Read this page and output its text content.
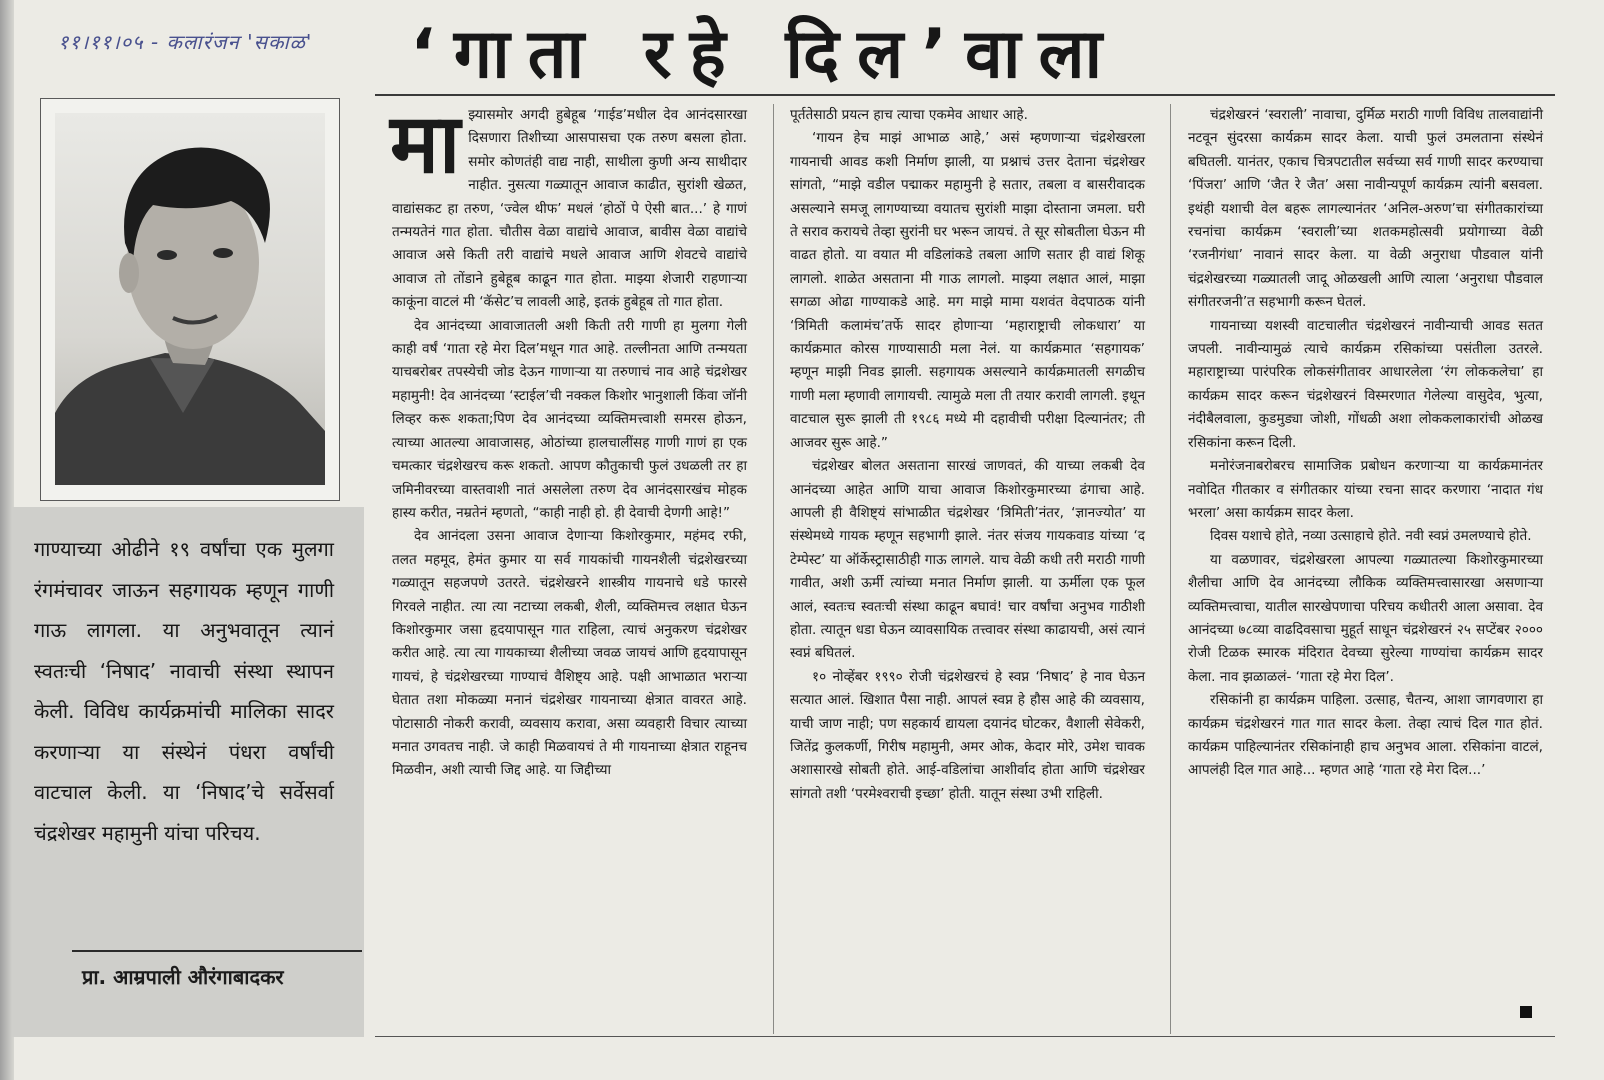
११।११।०५ - कलारंजन 'सकाळ'	‘गाता रहे दिल’वाला
गाण्याच्या ओढीने १९ वर्षांचा एक मुलगा रंगमंचावर जाऊन सहगायक म्हणून गाणी गाऊ लागला. या अनुभवातून त्यानं स्वतःची ‘निषाद’ नावाची संस्था स्थापन केली. विविध कार्यक्रमांची मालिका सादर करणाऱ्या या संस्थेनं पंधरा वर्षांची वाटचाल केली. या ‘निषाद’चे सर्वेसर्वा चंद्रशेखर महामुनी यांचा परिचय.
प्रा. आम्रपाली औरंगाबादकर

माझ्यासमोर अगदी हुबेहूब ‘गाईड’मधील देव आनंदसारखा दिसणारा तिशीच्या आसपासचा एक तरुण बसला होता. समोर कोणतंही वाद्य नाही, साथीला कुणी अन्य साथीदार नाहीत. नुसत्या गळ्यातून आवाज काढीत, सुरांशी खेळत, वाद्यांसकट हा तरुण, ‘ज्वेल थीफ’ मधलं ‘होठों पे ऐसी बात...’ हे गाणं तन्मयतेनं गात होता. चौतीस वेळा वाद्यांचे आवाज, बावीस वेळा वाद्यांचे आवाज असे किती तरी वाद्यांचे मधले आवाज आणि शेवटचे वाद्यांचे आवाज तो तोंडाने हुबेहूब काढून गात होता. माझ्या शेजारी राहणाऱ्या काकूंना वाटलं मी ‘कॅसेट’च लावली आहे, इतकं हुबेहूब तो गात होता.

देव आनंदच्या आवाजातली अशी किती तरी गाणी हा मुलगा गेली काही वर्षं ‘गाता रहे मेरा दिल’मधून गात आहे. तल्लीनता आणि तन्मयता याचबरोबर तपस्येची जोड देऊन गाणाऱ्या या तरुणाचं नाव आहे चंद्रशेखर महामुनी! देव आनंदच्या ‘स्टाईल’ची नक्कल किशोर भानुशाली किंवा जॉनी लिव्हर करू शकता;पिण देव आनंदच्या व्यक्तिमत्त्वाशी समरस होऊन, त्याच्या आतल्या आवाजासह, ओठांच्या हालचालींसह गाणी गाणं हा एक चमत्कार चंद्रशेखरच करू शकतो. आपण कौतुकाची फुलं उधळली तर हा जमिनीवरच्या वास्तवाशी नातं असलेला तरुण देव आनंदसारखंच मोहक हास्य करीत, नम्रतेनं म्हणतो, “काही नाही हो. ही देवाची देणगी आहे!”

देव आनंदला उसना आवाज देणाऱ्या किशोरकुमार, महंमद रफी, तलत महमूद, हेमंत कुमार या सर्व गायकांची गायनशैली चंद्रशेखरच्या गळ्यातून सहजपणे उतरते. चंद्रशेखरने शास्त्रीय गायनाचे धडे फारसे गिरवले नाहीत. त्या त्या नटाच्या लकबी, शैली, व्यक्तिमत्त्व लक्षात घेऊन किशोरकुमार जसा हृदयापासून गात राहिला, त्याचं अनुकरण चंद्रशेखर करीत आहे. त्या त्या गायकाच्या शैलीच्या जवळ जायचं आणि हृदयापासून गायचं, हे चंद्रशेखरच्या गाण्याचं वैशिष्ट्य आहे. पक्षी आभाळात भराऱ्या घेतात तशा मोकळ्या मनानं चंद्रशेखर गायनाच्या क्षेत्रात वावरत आहे. पोटासाठी नोकरी करावी, व्यवसाय करावा, असा व्यवहारी विचार त्याच्या मनात उगवतच नाही. जे काही मिळवायचं ते मी गायनाच्या क्षेत्रात राहूनच मिळवीन, अशी त्याची जिद्द आहे. या जिद्दीच्या

पूर्ततेसाठी प्रयत्न हाच त्याचा एकमेव आधार आहे.

‘गायन हेच माझं आभाळ आहे,’ असं म्हणणाऱ्या चंद्रशेखरला गायनाची आवड कशी निर्माण झाली, या प्रश्नाचं उत्तर देताना चंद्रशेखर सांगतो, “माझे वडील पद्माकर महामुनी हे सतार, तबला व बासरीवादक असल्याने समजू लागण्याच्या वयातच सुरांशी माझा दोस्ताना जमला. घरी ते सराव करायचे तेव्हा सुरांनी घर भरून जायचं. ते सूर सोबतीला घेऊन मी वाढत होतो. या वयात मी वडिलांकडे तबला आणि सतार ही वाद्यं शिकू लागलो. शाळेत असताना मी गाऊ लागलो. माझ्या लक्षात आलं, माझा सगळा ओढा गाण्याकडे आहे. मग माझे मामा यशवंत वेदपाठक यांनी ‘त्रिमिती कलामंच’तर्फे सादर होणाऱ्या ‘महाराष्ट्राची लोकधारा’ या कार्यक्रमात कोरस गाण्यासाठी मला नेलं. या कार्यक्रमात ‘सहगायक’ म्हणून माझी निवड झाली. सहगायक असल्याने कार्यक्रमातली सगळीच गाणी मला म्हणावी लागायची. त्यामुळे मला ती तयार करावी लागली. इथून वाटचाल सुरू झाली ती १९८६ मध्ये मी दहावीची परीक्षा दिल्यानंतर; ती आजवर सुरू आहे.”

चंद्रशेखर बोलत असताना सारखं जाणवतं, की याच्या लकबी देव आनंदच्या आहेत आणि याचा आवाज किशोरकुमारच्या ढंगाचा आहे. आपली ही वैशिष्ट्यं सांभाळीत चंद्रशेखर ‘त्रिमिती’नंतर, ‘ज्ञानज्योत’ या संस्थेमध्ये गायक म्हणून सहभागी झाले. नंतर संजय गायकवाड यांच्या ‘द टेम्पेस्ट’ या ऑर्केस्ट्रासाठीही गाऊ लागले. याच वेळी कधी तरी मराठी गाणी गावीत, अशी ऊर्मी त्यांच्या मनात निर्माण झाली. या ऊर्मीला एक फूल आलं, स्वतःच स्वतःची संस्था काढून बघावं! चार वर्षांचा अनुभव गाठीशी होता. त्यातून धडा घेऊन व्यावसायिक तत्त्वावर संस्था काढायची, असं त्यानं स्वप्नं बघितलं.

१० नोव्हेंबर १९९० रोजी चंद्रशेखरचं हे स्वप्न ‘निषाद’ हे नाव घेऊन सत्यात आलं. खिशात पैसा नाही. आपलं स्वप्न हे हौस आहे की व्यवसाय, याची जाण नाही; पण सहकार्य द्यायला दयानंद घोटकर, वैशाली सेवेकरी, जितेंद्र कुलकर्णी, गिरीष महामुनी, अमर ओक, केदार मोरे, उमेश चावक अशासारखे सोबती होते. आई-वडिलांचा आशीर्वाद होता आणि चंद्रशेखर सांगतो तशी ‘परमेश्वराची इच्छा’ होती. यातून संस्था उभी राहिली.

चंद्रशेखरनं ‘स्वराली’ नावाचा, दुर्मिळ मराठी गाणी विविध तालवाद्यांनी नटवून सुंदरसा कार्यक्रम सादर केला. याची फुलं उमलताना संस्थेनं बघितली. यानंतर, एकाच चित्रपटातील सर्वच्या सर्व गाणी सादर करण्याचा ‘पिंजरा’ आणि ‘जैत रे जैत’ असा नावीन्यपूर्ण कार्यक्रम त्यांनी बसवला. इथंही यशाची वेल बहरू लागल्यानंतर ‘अनिल-अरुण’चा संगीतकारांच्या रचनांचा कार्यक्रम ‘स्वराली’च्या शतकमहोत्सवी प्रयोगाच्या वेळी ‘रजनीगंधा’ नावानं सादर केला. या वेळी अनुराधा पौडवाल यांनी चंद्रशेखरच्या गळ्यातली जादू ओळखली आणि त्याला ‘अनुराधा पौडवाल संगीतरजनी’त सहभागी करून घेतलं.

गायनाच्या यशस्वी वाटचालीत चंद्रशेखरनं नावीन्याची आवड सतत जपली. नावीन्यामुळं त्याचे कार्यक्रम रसिकांच्या पसंतीला उतरले. महाराष्ट्राच्या पारंपरिक लोकसंगीतावर आधारलेला ‘रंग लोककलेचा’ हा कार्यक्रम सादर करून चंद्रशेखरनं विस्मरणात गेलेल्या वासुदेव, भुत्या, नंदीबैलवाला, कुडमुड्या जोशी, गोंधळी अशा लोककलाकारांची ओळख रसिकांना करून दिली.

मनोरंजनाबरोबरच सामाजिक प्रबोधन करणाऱ्या या कार्यक्रमानंतर नवोदित गीतकार व संगीतकार यांच्या रचना सादर करणारा ‘नादात गंध भरला’ असा कार्यक्रम सादर केला.

दिवस यशाचे होते, नव्या उत्साहाचे होते. नवी स्वप्नं उमलण्याचे होते.

या वळणावर, चंद्रशेखरला आपल्या गळ्यातल्या किशोरकुमारच्या शैलीचा आणि देव आनंदच्या लौकिक व्यक्तिमत्त्वासारखा असणाऱ्या व्यक्तिमत्त्वाचा, यातील सारखेपणाचा परिचय कधीतरी आला असावा. देव आनंदच्या ७८व्या वाढदिवसाचा मुहूर्त साधून चंद्रशेखरनं २५ सप्टेंबर २००० रोजी टिळक स्मारक मंदिरात देवच्या सुरेल्या गाण्यांचा कार्यक्रम सादर केला. नाव झळाळलं- ‘गाता रहे मेरा दिल’.

रसिकांनी हा कार्यक्रम पाहिला. उत्साह, चैतन्य, आशा जागवणारा हा कार्यक्रम चंद्रशेखरनं गात गात सादर केला. तेव्हा त्याचं दिल गात होतं. कार्यक्रम पाहिल्यानंतर रसिकांनाही हाच अनुभव आला. रसिकांना वाटलं, आपलंही दिल गात आहे... म्हणत आहे ‘गाता रहे मेरा दिल...’
